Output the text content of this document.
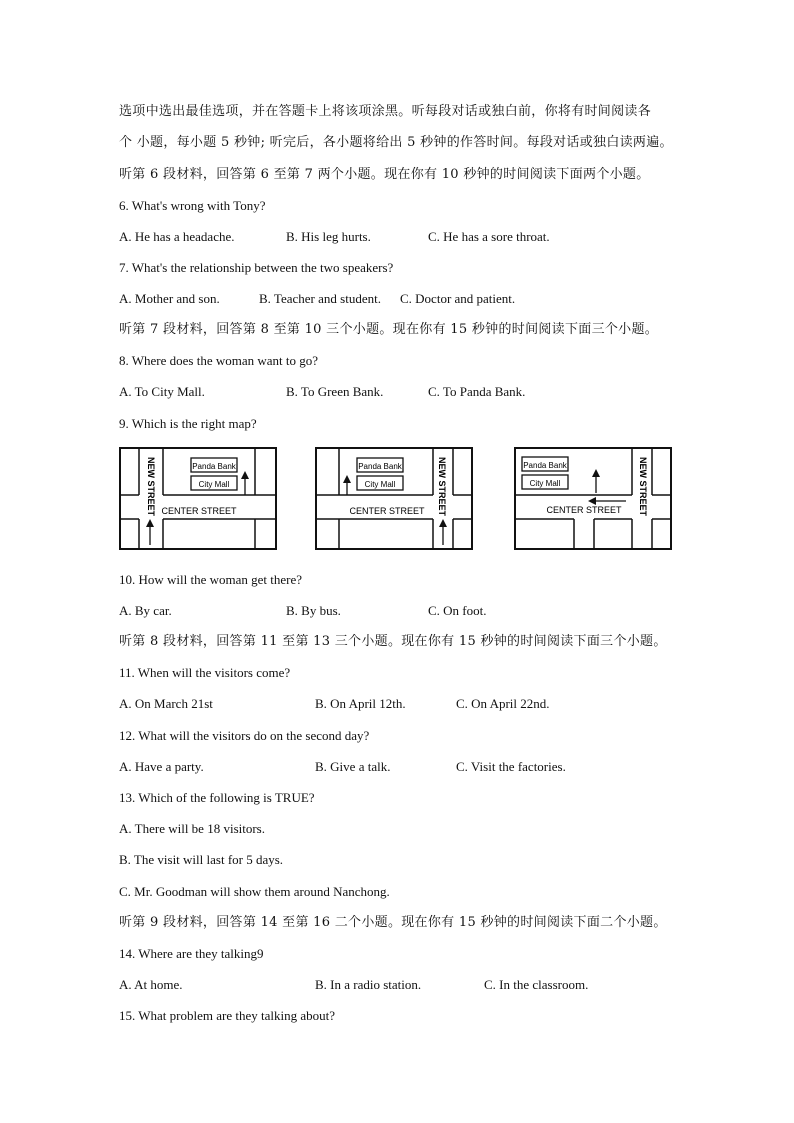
选项中选出最佳选项，并在答题卡上将该项涂黑。听每段对话或独白前，你将有时间阅读各
个 小题，每小题 5 秒钟; 听完后，各小题将给出 5 秒钟的作答时间。每段对话或独白读两遍。
听第 6 段材料，回答第 6 至第 7 两个小题。现在你有 10 秒钟的时间阅读下面两个小题。
6. What's wrong with Tony?
A. He has a headache.	B. His leg hurts.	C. He has a sore throat.
7. What's the relationship between the two speakers?
A. Mother and son.	B. Teacher and student. C. Doctor and patient.
听第 7 段材料，回答第 8 至第 10 三个小题。现在你有 15 秒钟的时间阅读下面三个小题。
8. Where does the woman want to go?
A. To City Mall.	B. To Green Bank.	C. To Panda Bank.
9. Which is the right map?
Panda Bank
City Mall
NEW STREET CENTER STREET
Panda Bank
City Mall	NEW STREET
CENTER STREET
Panda Bank
City Mall	NEW STREET
CENTER STREET
10. How will the woman get there?
A. By car.	B. By bus.	C. On foot.
听第 8 段材料，回答第 11 至第 13 三个小题。现在你有 15 秒钟的时间阅读下面三个小题。
11. When will the visitors come?
A. On March 21st	B. On April 12th.	C. On April 22nd.
12. What will the visitors do on the second day?
A. Have a party.	B. Give a talk.	C. Visit the factories.
13. Which of the following is TRUE?
A. There will be 18 visitors.
B. The visit will last for 5 days.
C. Mr. Goodman will show them around Nanchong.
听第 9 段材料，回答第 14 至第 16 二个小题。现在你有 15 秒钟的时间阅读下面二个小题。
14. Where are they talking9
A. At home.	B. In a radio station.	C. In the classroom.
15. What problem are they talking about?
